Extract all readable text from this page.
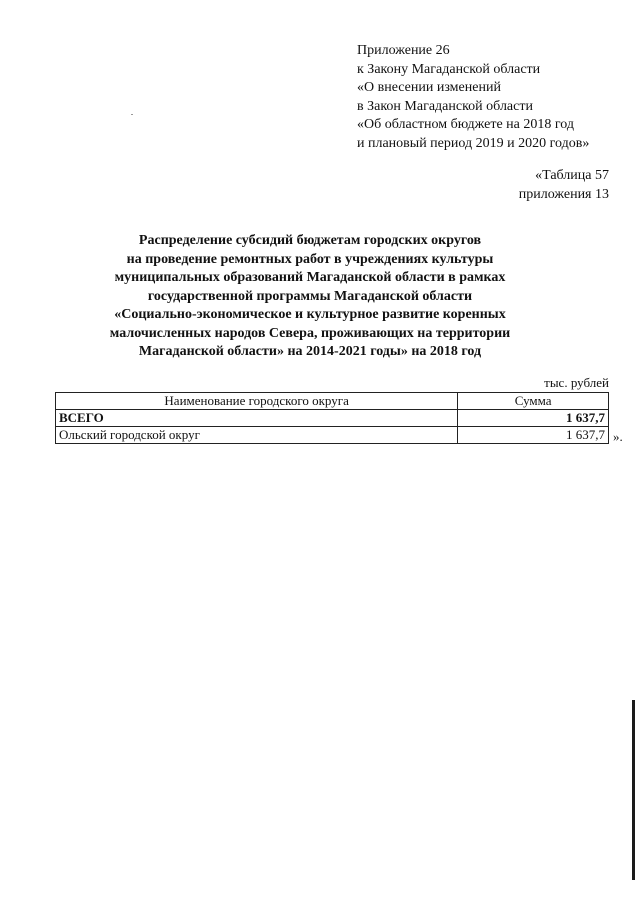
Приложение 26
к Закону Магаданской области
«О внесении изменений
в Закон Магаданской области
«Об областном бюджете на 2018 год
и плановый период 2019 и 2020 годов»
«Таблица 57
приложения 13
Распределение субсидий бюджетам городских округов
на проведение ремонтных работ в учреждениях культуры
муниципальных образований Магаданской области в рамках
государственной программы Магаданской области
«Социально-экономическое и культурное развитие коренных
малочисленных народов Севера, проживающих на территории
Магаданской области» на 2014-2021 годы» на 2018 год
тыс. рублей
Наименование городского округа	Сумма
ВСЕГО	1 637,7
Ольский городской округ	1 637,7 ».
